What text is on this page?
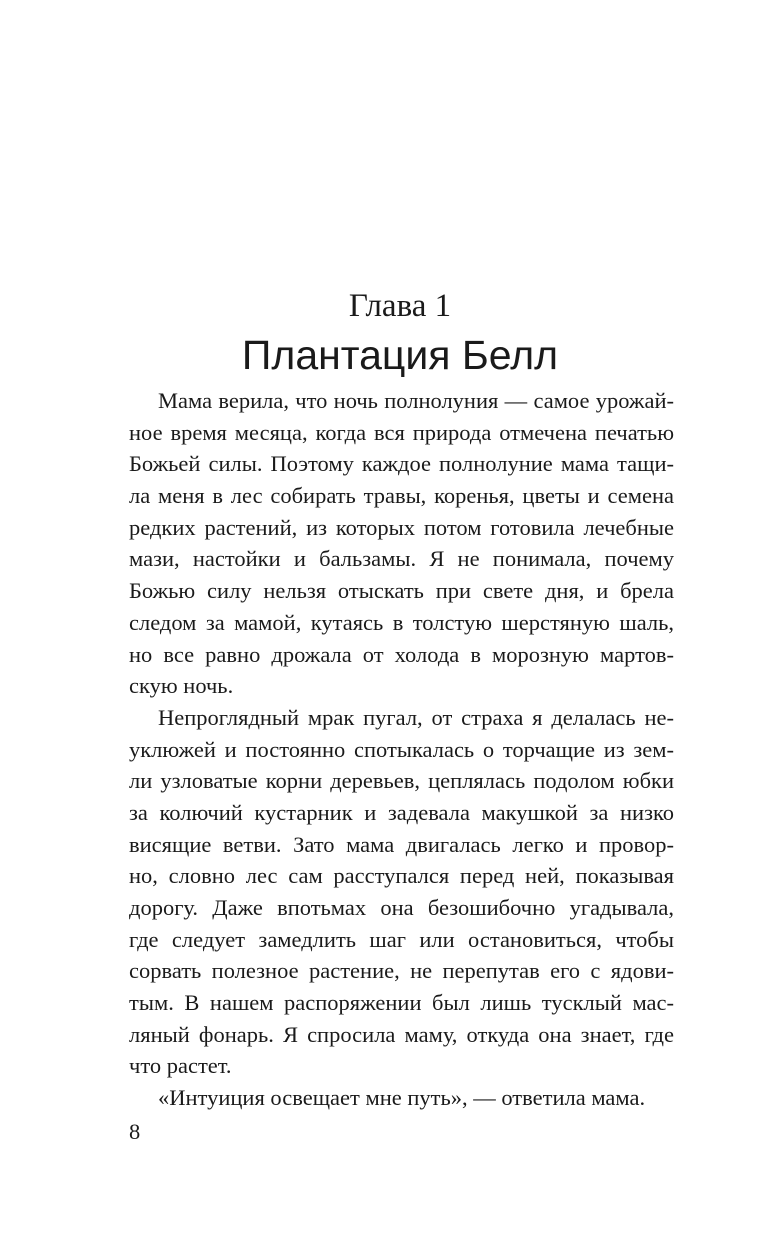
Глава 1
Плантация Белл
Мама верила, что ночь полнолуния — самое урожай-
ное время месяца, когда вся природа отмечена печатью
Божьей силы. Поэтому каждое полнолуние мама тащи-
ла меня в лес собирать травы, коренья, цветы и семена
редких растений, из которых потом готовила лечебные
мази, настойки и бальзамы. Я не понимала, почему
Божью силу нельзя отыскать при свете дня, и брела
следом за мамой, кутаясь в толстую шерстяную шаль,
но все равно дрожала от холода в морозную мартов-
скую ночь.
Непроглядный мрак пугал, от страха я делалась не-
уклюжей и постоянно спотыкалась о торчащие из зем-
ли узловатые корни деревьев, цеплялась подолом юбки
за колючий кустарник и задевала макушкой за низко
висящие ветви. Зато мама двигалась легко и провор-
но, словно лес сам расступался перед ней, показывая
дорогу. Даже впотьмах она безошибочно угадывала,
где следует замедлить шаг или остановиться, чтобы
сорвать полезное растение, не перепутав его с ядови-
тым. В нашем распоряжении был лишь тусклый мас-
ляный фонарь. Я спросила маму, откуда она знает, где
что растет.
«Интуиция освещает мне путь», — ответила мама.
8
